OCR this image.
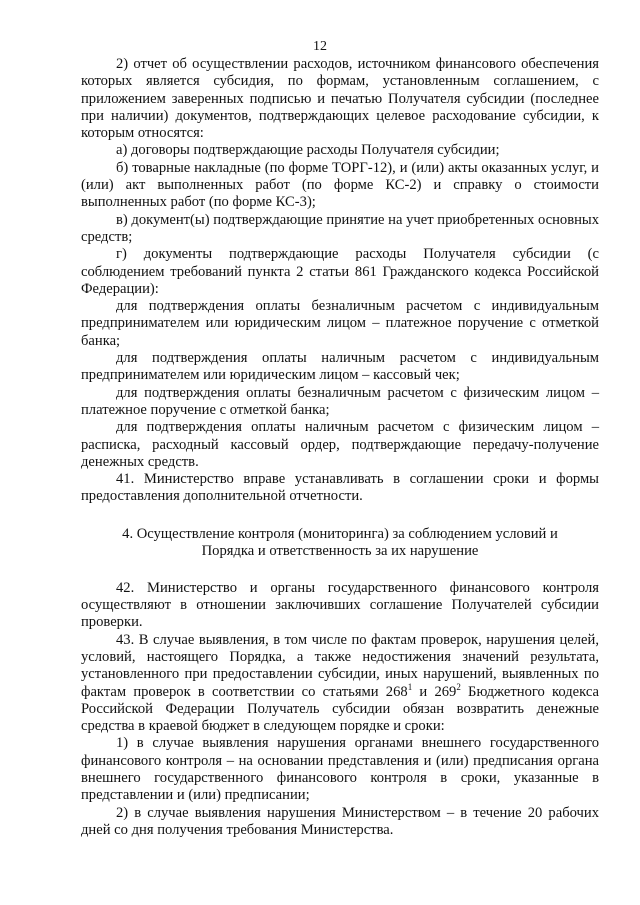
12

2) отчет об осуществлении расходов, источником финансового обеспечения которых является субсидия, по формам, установленным соглашением, с приложением заверенных подписью и печатью Получателя субсидии (последнее при наличии) документов, подтверждающих целевое расходование субсидии, к которым относятся:

а) договоры подтверждающие расходы Получателя субсидии;

б) товарные накладные (по форме ТОРГ-12), и (или) акты оказанных услуг, и (или) акт выполненных работ (по форме КС-2) и справку о стоимости выполненных работ (по форме КС-3);

в) документ(ы) подтверждающие принятие на учет приобретенных основных средств;

г) документы подтверждающие расходы Получателя субсидии (с соблюдением требований пункта 2 статьи 861 Гражданского кодекса Российской Федерации):

для подтверждения оплаты безналичным расчетом с индивидуальным предпринимателем или юридическим лицом – платежное поручение с отметкой банка;

для подтверждения оплаты наличным расчетом с индивидуальным предпринимателем или юридическим лицом – кассовый чек;

для подтверждения оплаты безналичным расчетом с физическим лицом – платежное поручение с отметкой банка;

для подтверждения оплаты наличным расчетом с физическим лицом – расписка, расходный кассовый ордер, подтверждающие передачу-получение денежных средств.

41. Министерство вправе устанавливать в соглашении сроки и формы предоставления дополнительной отчетности.

4. Осуществление контроля (мониторинга) за соблюдением условий и
Порядка и ответственность за их нарушение

42. Министерство и органы государственного финансового контроля осуществляют в отношении заключивших соглашение Получателей субсидии проверки.

43. В случае выявления, в том числе по фактам проверок, нарушения целей, условий, настоящего Порядка, а также недостижения значений результата, установленного при предоставлении субсидии, иных нарушений, выявленных по фактам проверок в соответствии со статьями $268^1$ и $269^2$ Бюджетного кодекса Российской Федерации Получатель субсидии обязан возвратить денежные средства в краевой бюджет в следующем порядке и сроки:

1) в случае выявления нарушения органами внешнего государственного финансового контроля – на основании представления и (или) предписания органа внешнего государственного финансового контроля в сроки, указанные в представлении и (или) предписании;

2) в случае выявления нарушения Министерством – в течение 20 рабочих дней со дня получения требования Министерства.
